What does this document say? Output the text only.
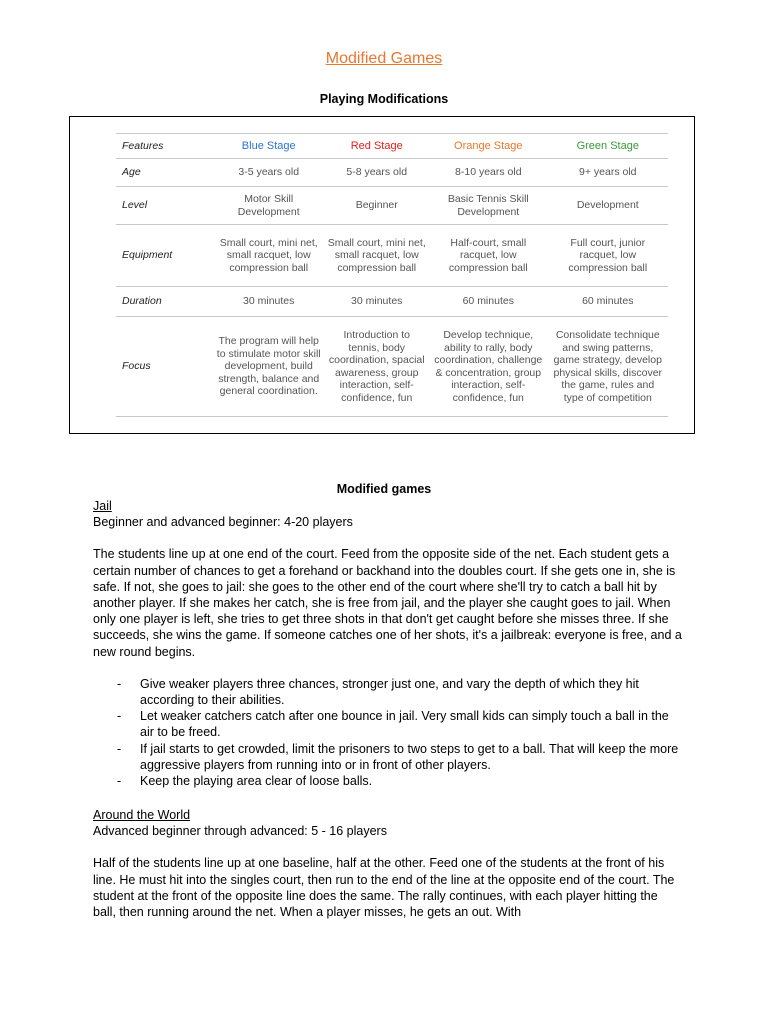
Modified Games
Playing Modifications
Features	Blue Stage	Red Stage	Orange Stage	Green Stage
Age	3-5 years old	5-8 years old	8-10 years old	9+ years old
Level	Motor Skill Development	Beginner	Basic Tennis Skill Development	Development
Equipment	Small court, mini net, small racquet, low compression ball	Small court, mini net, small racquet, low compression ball	Half-court, small racquet, low compression ball	Full court, junior racquet, low compression ball
Duration	30 minutes	30 minutes	60 minutes	60 minutes
Focus	The program will help to stimulate motor skill development, build strength, balance and general coordination.	Introduction to tennis, body coordination, spacial awareness, group interaction, self-confidence, fun	Develop technique, ability to rally, body coordination, challenge & concentration, group interaction, self-confidence, fun	Consolidate technique and swing patterns, game strategy, develop physical skills, discover the game, rules and type of competition
Modified games
Jail
Beginner and advanced beginner: 4-20 players
The students line up at one end of the court. Feed from the opposite side of the net. Each student gets a certain number of chances to get a forehand or backhand into the doubles court. If she gets one in, she is safe. If not, she goes to jail: she goes to the other end of the court where she'll try to catch a ball hit by another player. If she makes her catch, she is free from jail, and the player she caught goes to jail. When only one player is left, she tries to get three shots in that don't get caught before she misses three. If she succeeds, she wins the game. If someone catches one of her shots, it's a jailbreak: everyone is free, and a new round begins.
- Give weaker players three chances, stronger just one, and vary the depth of which they hit according to their abilities.
- Let weaker catchers catch after one bounce in jail. Very small kids can simply touch a ball in the air to be freed.
- If jail starts to get crowded, limit the prisoners to two steps to get to a ball. That will keep the more aggressive players from running into or in front of other players.
- Keep the playing area clear of loose balls.
Around the World
Advanced beginner through advanced: 5 - 16 players
Half of the students line up at one baseline, half at the other. Feed one of the students at the front of his line. He must hit into the singles court, then run to the end of the line at the opposite end of the court. The student at the front of the opposite line does the same. The rally continues, with each player hitting the ball, then running around the net. When a player misses, he gets an out. With
